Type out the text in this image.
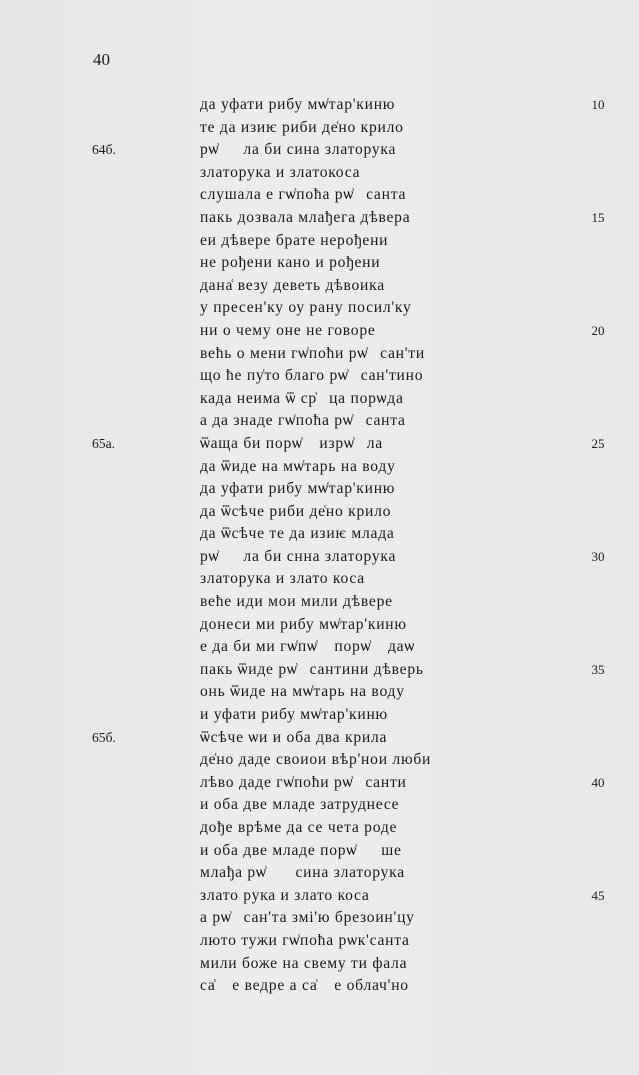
40
да уфати рибу мѡ͑тар'киню	10
те да изиѥ риби де͑но крило
64б.	рѡ͗ⷣⷩла би сина златорука
златорука и златокоса
слушала е гѡ͑поћа рѡ͗ⷦсанта
пакь дозвала млађега дѣвера	15
еи дѣвере брате нерођени
не рођени кано и рођени
дана͑ везу деветь дѣвоика
у пресен'ку оу рану посил'ку
ни о чему оне не говоре	20
већь о мени гѡ͑поћи рѡ͗ⷦсан'ти
що ће пу͑то благо рѡ͗ⷦсан'тино
када неима ѿ ср͗ⷣца порѡда
а да знаде гѡ͑поћа рѡ͗ⷦсанта
65а.	ѿаща би порѡ͗ⷣ изрѡ͗ⷣла	25
да ѿиде на мѡ͑тарь на воду
да уфати рибу мѡ͑тар'киню
да ѿсѣче риби де͑но крило
да ѿсѣче те да изиѥ млада
рѡ͗ⷣⷩла би снна златорука	30
златорука и злато коса
веће иди мои мили дѣвере
донеси ми рибу мѡ͑тар'киню
е да би ми гѡ͑пѡ͗ⷣ порѡ͗ⷦ даѡ
пакь ѿиде рѡ͗ⷦсантини дѣверь	35
онь ѿиде на мѡ͑тарь на воду
и уфати рибу мѡ͑тар'киню
65б.	ѿсѣче ѡи и оба два крила
де͑но даде своиои вѣр'нои люби
лѣво даде гѡ͑поћи рѡ͗ⷦсанти	40
и оба две младе затруднесе
дође врѣме да се чета роде
и оба две младе порѡ͗ⷣⷩше
млађа рѡ͗ⷣⷩ сина златорука
злато рука и злато коса	45
а рѡ͗ⷦсан'та змі'ю брезоин'цу
люто тужи гѡ͑поћа рѡк'санта
мили боже на свему ти фала
са͗ⷣ е ведре а са͗ⷣ е облач'но
